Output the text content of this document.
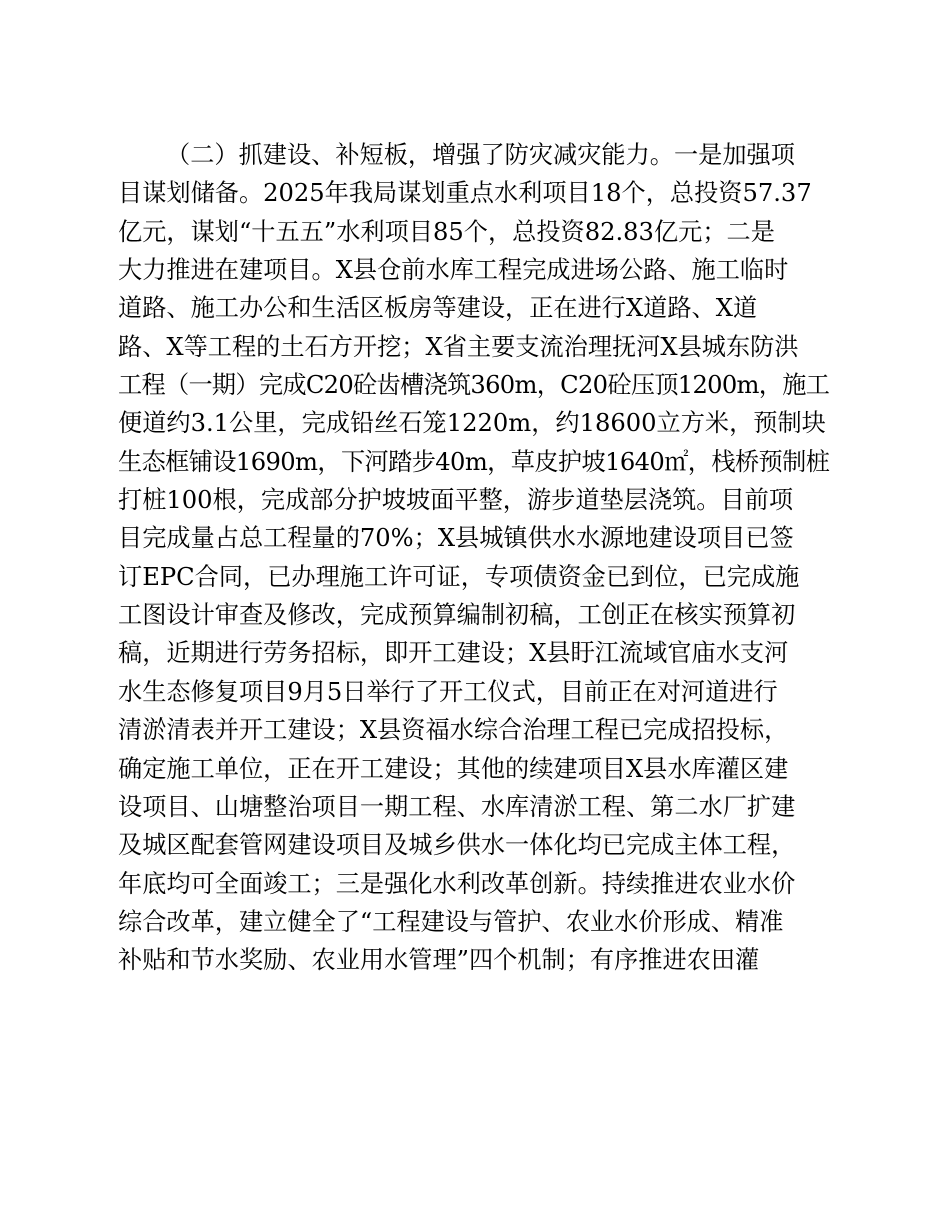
（二）抓建设、补短板，增强了防灾减灾能力。一是加强项
目谋划储备。2025年我局谋划重点水利项目18个，总投资57.37
亿元，谋划“十五五”水利项目85个，总投资82.83亿元；二是
大力推进在建项目。X县仓前水库工程完成进场公路、施工临时
道路、施工办公和生活区板房等建设，正在进行X道路、X道
路、X等工程的土石方开挖；X省主要支流治理抚河X县城东防洪
工程（一期）完成C20砼齿槽浇筑360m，C20砼压顶1200m，施工
便道约3.1公里，完成铅丝石笼1220m，约18600立方米，预制块
生态框铺设1690m，下河踏步40m，草皮护坡1640㎡，栈桥预制桩
打桩100根，完成部分护坡坡面平整，游步道垫层浇筑。目前项
目完成量占总工程量的70%；X县城镇供水水源地建设项目已签
订EPC合同，已办理施工许可证，专项债资金已到位，已完成施
工图设计审查及修改，完成预算编制初稿，工创正在核实预算初
稿，近期进行劳务招标，即开工建设；X县盱江流域官庙水支河
水生态修复项目9月5日举行了开工仪式，目前正在对河道进行
清淤清表并开工建设；X县资福水综合治理工程已完成招投标，
确定施工单位，正在开工建设；其他的续建项目X县水库灌区建
设项目、山塘整治项目一期工程、水库清淤工程、第二水厂扩建
及城区配套管网建设项目及城乡供水一体化均已完成主体工程，
年底均可全面竣工；三是强化水利改革创新。持续推进农业水价
综合改革，建立健全了“工程建设与管护、农业水价形成、精准
补贴和节水奖励、农业用水管理”四个机制；有序推进农田灌
